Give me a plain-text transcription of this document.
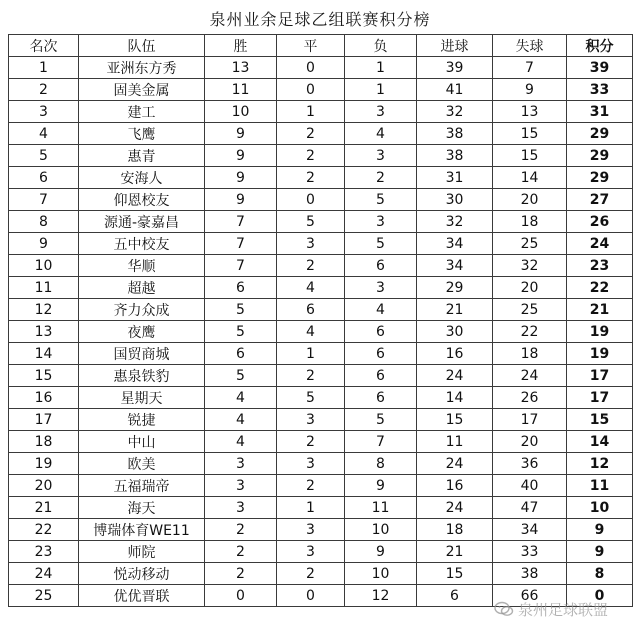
泉州业余足球乙组联赛积分榜
名次	队伍	胜	平	负	进球	失球	积分
1	亚洲东方秀	13	0	1	39	7	39
2	固美金属	11	0	1	41	9	33
3	建工	10	1	3	32	13	31
4	飞鹰	9	2	4	38	15	29
5	惠青	9	2	3	38	15	29
6	安海人	9	2	2	31	14	29
7	仰恩校友	9	0	5	30	20	27
8	源通-豪嘉昌	7	5	3	32	18	26
9	五中校友	7	3	5	34	25	24
10	华顺	7	2	6	34	32	23
11	超越	6	4	3	29	20	22
12	齐力众成	5	6	4	21	25	21
13	夜鹰	5	4	6	30	22	19
14	国贸商城	6	1	6	16	18	19
15	惠泉铁豹	5	2	6	24	24	17
16	星期天	4	5	6	14	26	17
17	锐捷	4	3	5	15	17	15
18	中山	4	2	7	11	20	14
19	欧美	3	3	8	24	36	12
20	五福瑞帝	3	2	9	16	40	11
21	海天	3	1	11	24	47	10
22	博瑞体育WE11	2	3	10	18	34	9
23	师院	2	3	9	21	33	9
24	悦动移动	2	2	10	15	38	8
25	优优晋联	0	0	12	6	66	0
泉州足球联盟
